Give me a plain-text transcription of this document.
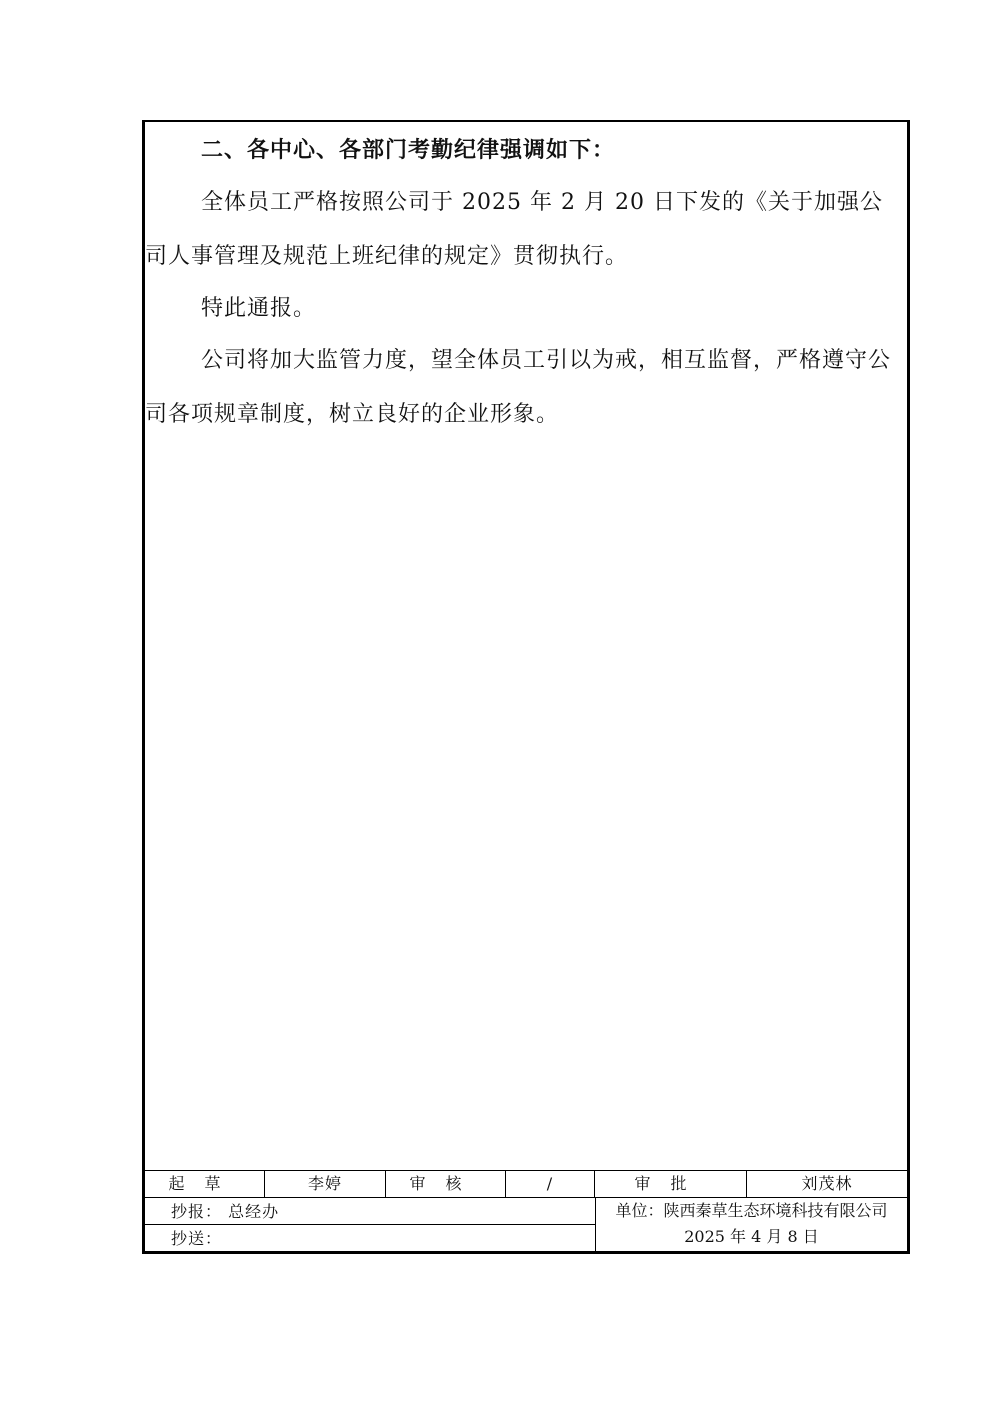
二、各中心、各部门考勤纪律强调如下：

全体员工严格按照公司于 2025 年 2 月 20 日下发的《关于加强公司人事管理及规范上班纪律的规定》贯彻执行。

特此通报。

公司将加大监管力度，望全体员工引以为戒，相互监督，严格遵守公司各项规章制度，树立良好的企业形象。

起草	李婷	审核	/	审批	刘茂林
抄报： 总经办
抄送：
单位：陕西秦草生态环境科技有限公司
2025 年 4 月 8 日
